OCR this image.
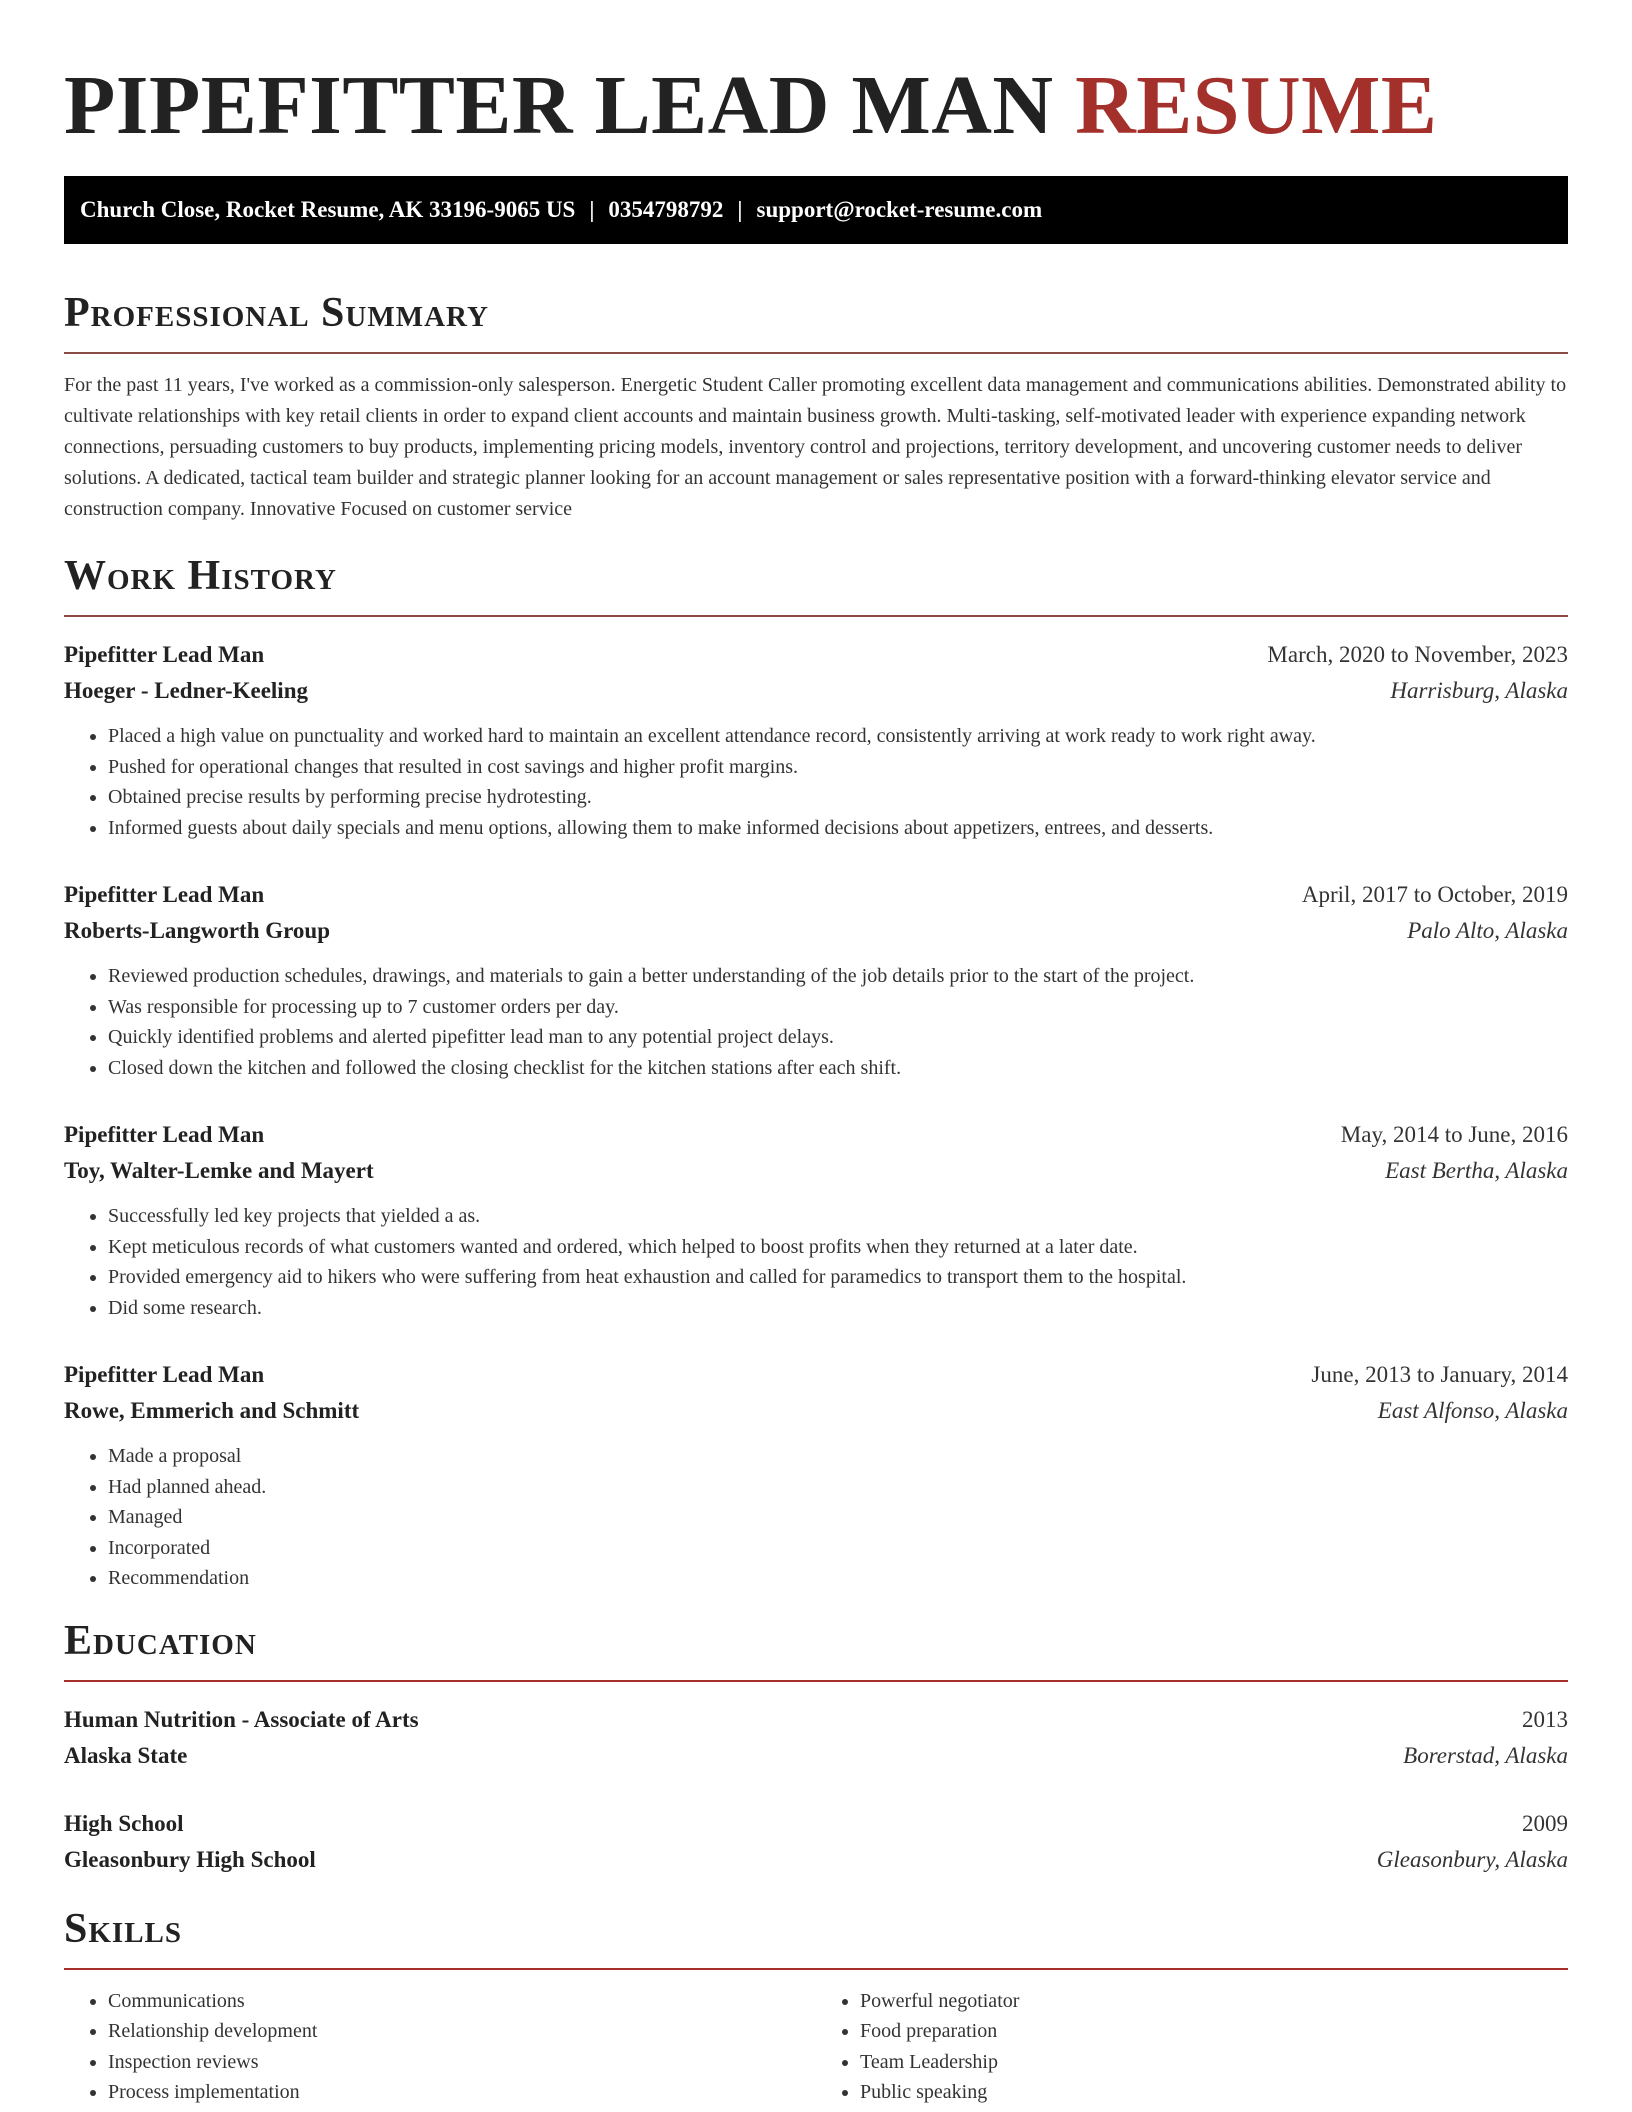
PIPEFITTER LEAD MAN RESUME
Church Close, Rocket Resume, AK 33196-9065 US | 0354798792 | support@rocket-resume.com
Professional Summary

For the past 11 years, I've worked as a commission-only salesperson. Energetic Student Caller promoting excellent data management and communications abilities. Demonstrated ability to cultivate relationships with key retail clients in order to expand client accounts and maintain business growth. Multi-tasking, self-motivated leader with experience expanding network connections, persuading customers to buy products, implementing pricing models, inventory control and projections, territory development, and uncovering customer needs to deliver solutions. A dedicated, tactical team builder and strategic planner looking for an account management or sales representative position with a forward-thinking elevator service and construction company. Innovative Focused on customer service

Work History
Pipefitter Lead Man	March, 2020 to November, 2023
Hoeger - Ledner-Keeling	Harrisburg, Alaska
• Placed a high value on punctuality and worked hard to maintain an excellent attendance record, consistently arriving at work ready to work right away.
• Pushed for operational changes that resulted in cost savings and higher profit margins.
• Obtained precise results by performing precise hydrotesting.
• Informed guests about daily specials and menu options, allowing them to make informed decisions about appetizers, entrees, and desserts.
Pipefitter Lead Man	April, 2017 to October, 2019
Roberts-Langworth Group	Palo Alto, Alaska
• Reviewed production schedules, drawings, and materials to gain a better understanding of the job details prior to the start of the project.
• Was responsible for processing up to 7 customer orders per day.
• Quickly identified problems and alerted pipefitter lead man to any potential project delays.
• Closed down the kitchen and followed the closing checklist for the kitchen stations after each shift.
Pipefitter Lead Man	May, 2014 to June, 2016
Toy, Walter-Lemke and Mayert	East Bertha, Alaska
• Successfully led key projects that yielded a as.
• Kept meticulous records of what customers wanted and ordered, which helped to boost profits when they returned at a later date.
• Provided emergency aid to hikers who were suffering from heat exhaustion and called for paramedics to transport them to the hospital.
• Did some research.
Pipefitter Lead Man	June, 2013 to January, 2014
Rowe, Emmerich and Schmitt	East Alfonso, Alaska
• Made a proposal
• Had planned ahead.
• Managed
• Incorporated
• Recommendation
Education
Human Nutrition - Associate of Arts	2013
Alaska State	Borerstad, Alaska
High School	2009
Gleasonbury High School	Gleasonbury, Alaska
Skills
• Communications
• Relationship development
• Inspection reviews
• Process implementation
• Powerful negotiator
• Food preparation
• Team Leadership
• Public speaking
